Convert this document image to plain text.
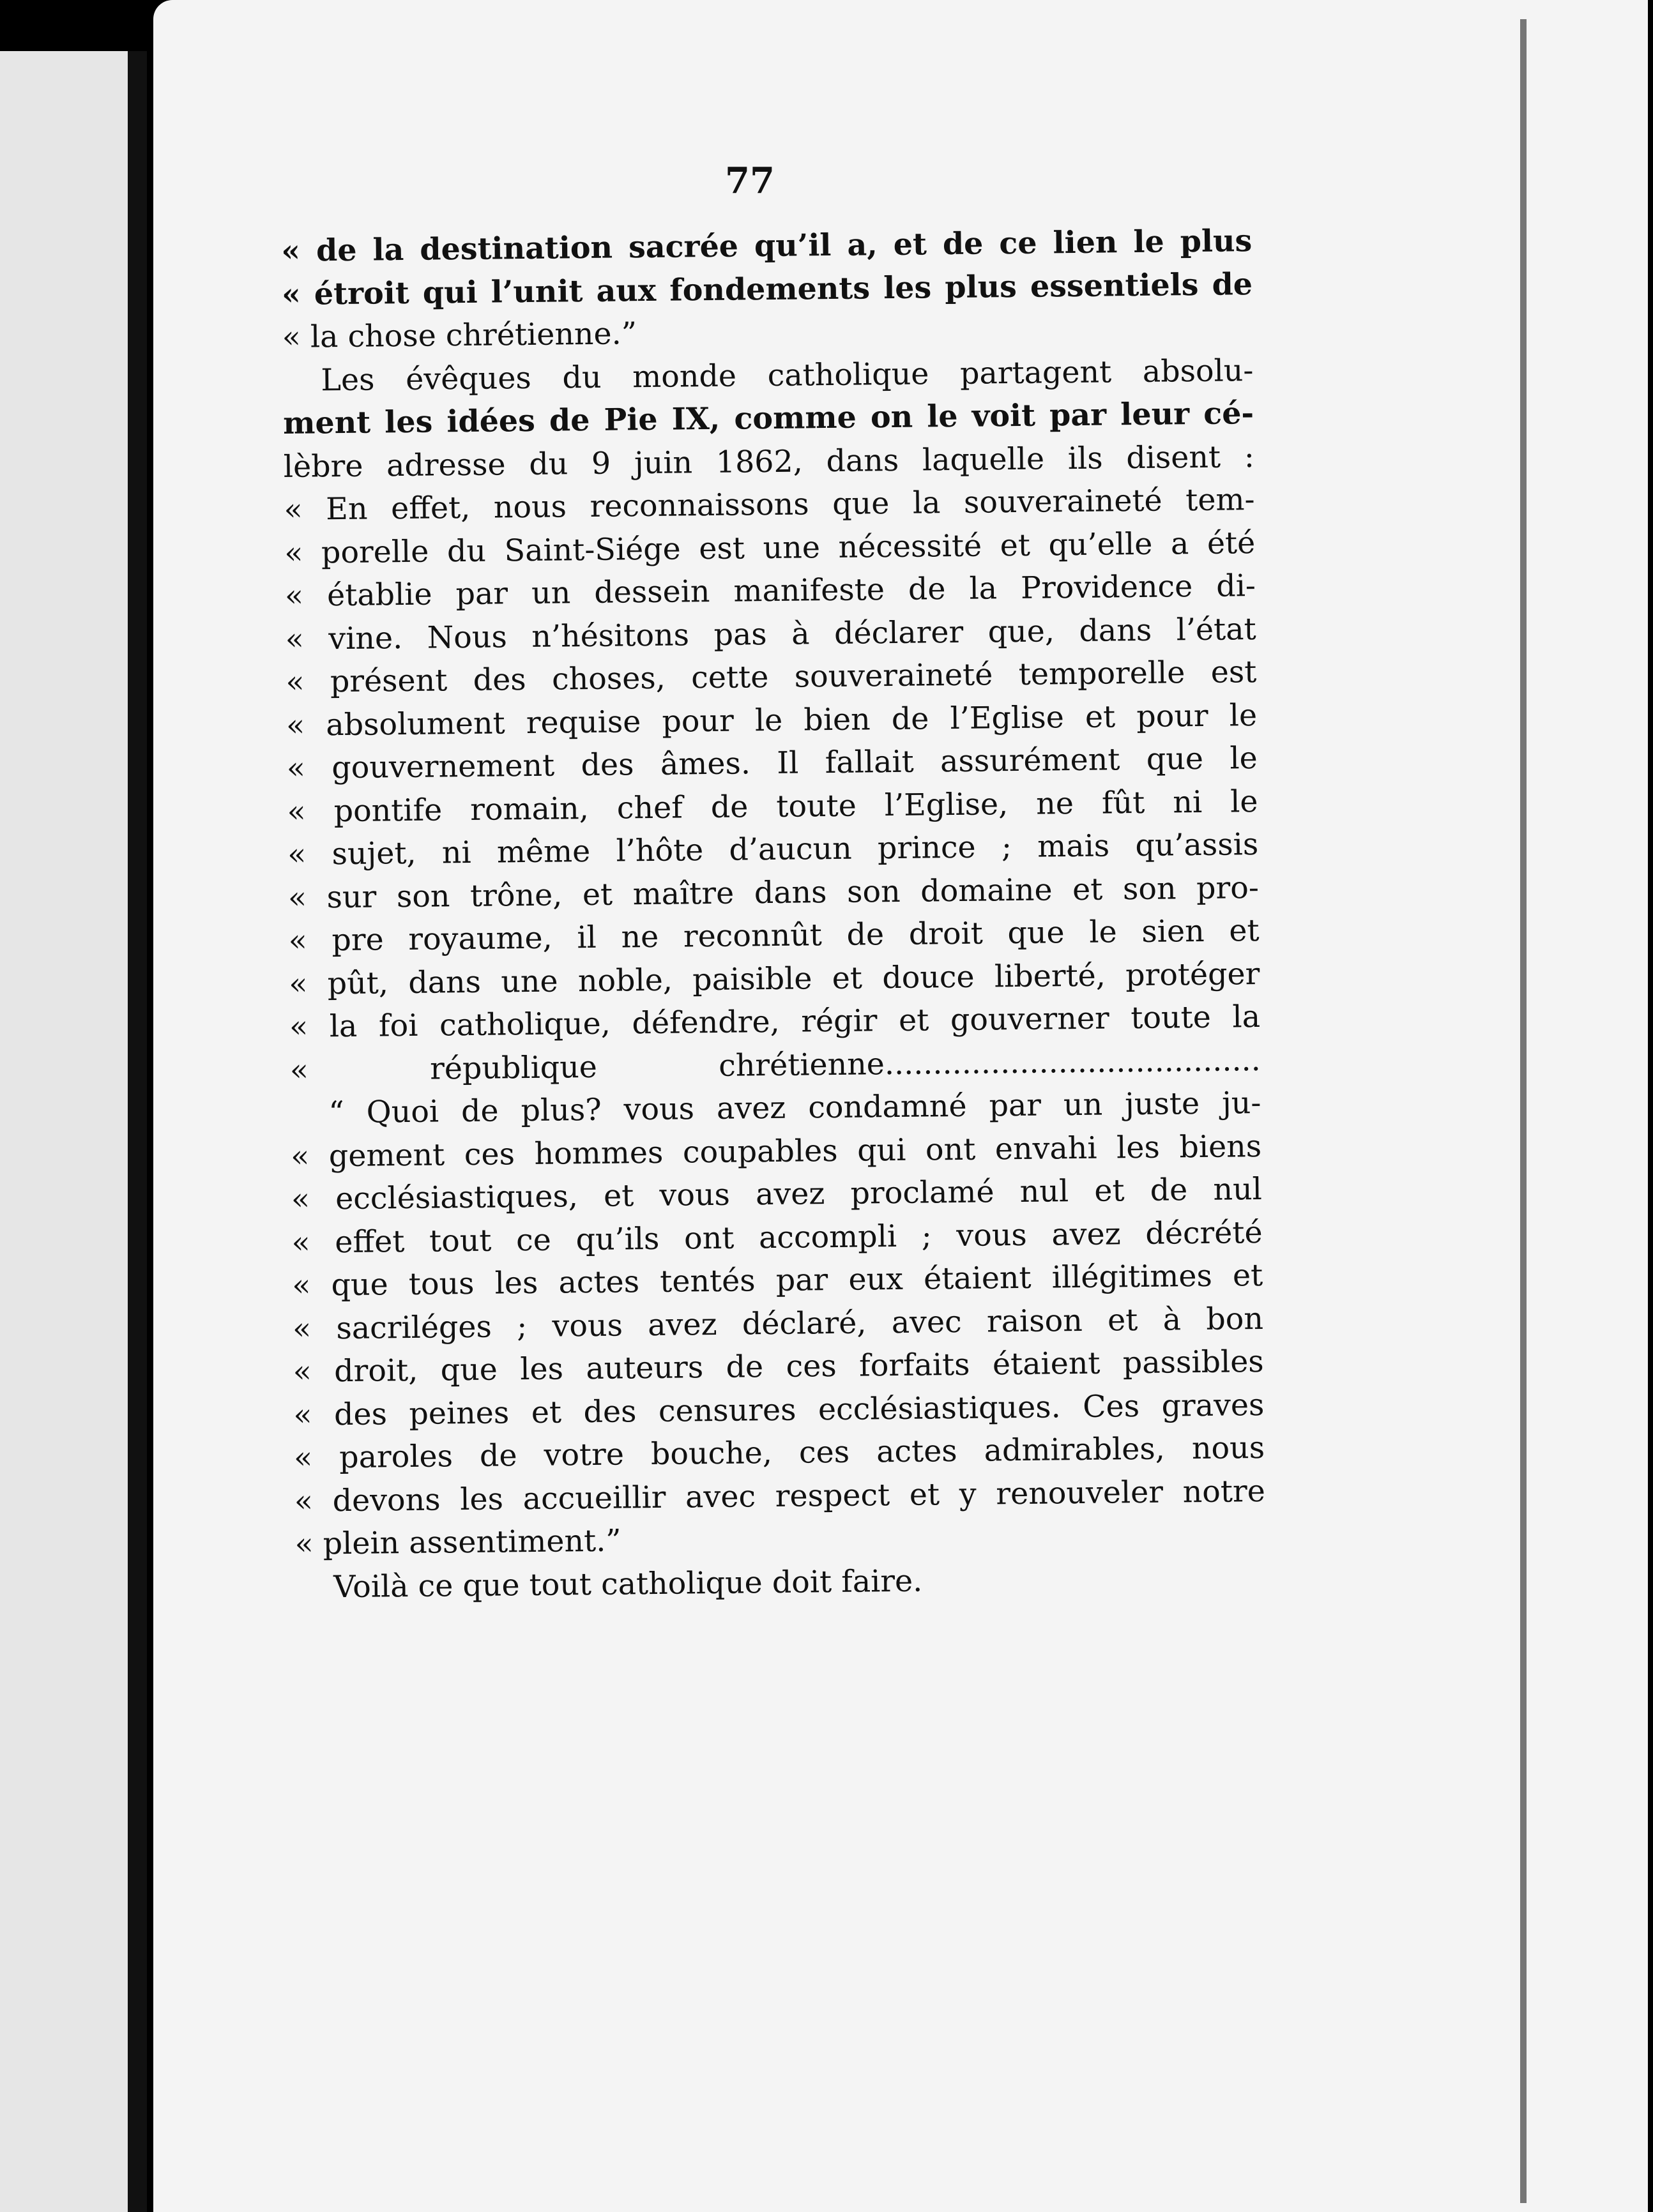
77
« de la destination sacrée qu’il a, et de ce lien le plus
« étroit qui l’unit aux fondements les plus essentiels de
« la chose chrétienne.”
Les évêques du monde catholique partagent absolu-
ment les idées de Pie IX, comme on le voit par leur cé-
lèbre adresse du 9 juin 1862, dans laquelle ils disent :
« En effet, nous reconnaissons que la souveraineté tem-
« porelle du Saint-Siége est une nécessité et qu’elle a été
« établie par un dessein manifeste de la Providence di-
« vine. Nous n’hésitons pas à déclarer que, dans l’état
« présent des choses, cette souveraineté temporelle est
« absolument requise pour le bien de l’Eglise et pour le
« gouvernement des âmes. Il fallait assurément que le
« pontife romain, chef de toute l’Eglise, ne fût ni le
« sujet, ni même l’hôte d’aucun prince ; mais qu’assis
« sur son trône, et maître dans son domaine et son pro-
« pre royaume, il ne reconnût de droit que le sien et
« pût, dans une noble, paisible et douce liberté, protéger
« la foi catholique, défendre, régir et gouverner toute la
« république chrétienne.......................................
“ Quoi de plus? vous avez condamné par un juste ju-
« gement ces hommes coupables qui ont envahi les biens
« ecclésiastiques, et vous avez proclamé nul et de nul
« effet tout ce qu’ils ont accompli ; vous avez décrété
« que tous les actes tentés par eux étaient illégitimes et
« sacriléges ; vous avez déclaré, avec raison et à bon
« droit, que les auteurs de ces forfaits étaient passibles
« des peines et des censures ecclésiastiques. Ces graves
« paroles de votre bouche, ces actes admirables, nous
« devons les accueillir avec respect et y renouveler notre
« plein assentiment.”
Voilà ce que tout catholique doit faire.
